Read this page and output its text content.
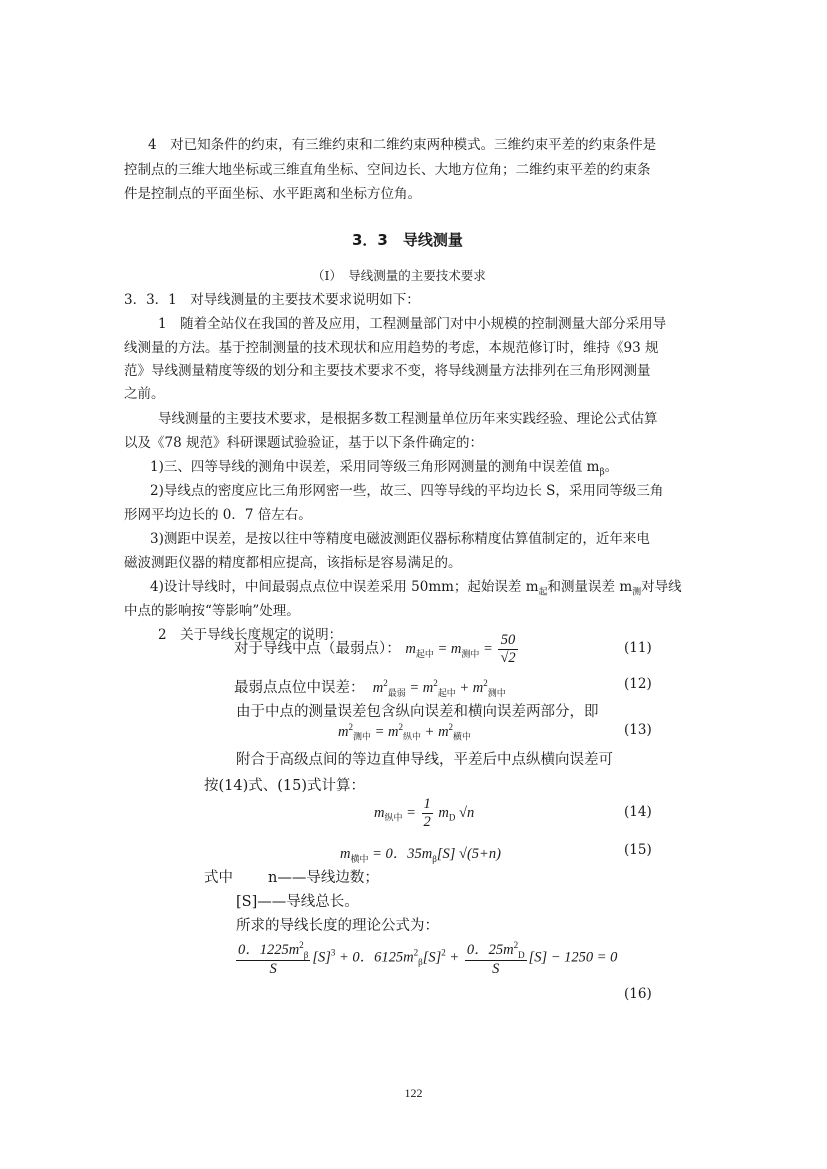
4　对已知条件的约束，有三维约束和二维约束两种模式。三维约束平差的约束条件是
控制点的三维大地坐标或三维直角坐标、空间边长、大地方位角；二维约束平差的约束条
件是控制点的平面坐标、水平距离和坐标方位角。
3．3　导线测量
（Ⅰ）　导线测量的主要技术要求
3．3．1　对导线测量的主要技术要求说明如下：
1　随着全站仪在我国的普及应用，工程测量部门对中小规模的控制测量大部分采用导
线测量的方法。基于控制测量的技术现状和应用趋势的考虑，本规范修订时，维持《93 规
范》导线测量精度等级的划分和主要技术要求不变，将导线测量方法排列在三角形网测量
之前。
导线测量的主要技术要求，是根据多数工程测量单位历年来实践经验、理论公式估算
以及《78 规范》科研课题试验验证，基于以下条件确定的：
1)三、四等导线的测角中误差，采用同等级三角形网测量的测角中误差值 $m_\beta$。
2)导线点的密度应比三角形网密一些，故三、四等导线的平均边长 S，采用同等级三角
形网平均边长的 0．7 倍左右。
3)测距中误差，是按以往中等精度电磁波测距仪器标称精度估算值制定的，近年来电
磁波测距仪器的精度都相应提高，该指标是容易满足的。
4)设计导线时，中间最弱点点位中误差采用 50mm；起始误差 $m_起$和测量误差 $m_测$对导线
中点的影响按“等影响”处理。
2　关于导线长度规定的说明：
对于导线中点（最弱点）： $m_{起中} = m_{测中} = \frac{50}{√2}$	(11)
最弱点点位中误差：  $m^2_{最弱} = m^2_{起中} + m^2_{测中}$
(12)
由于中点的测量误差包含纵向误差和横向误差两部分，即
$m^2_{测中} = m^2_{纵中} + m^2_{横中}$	(13)
附合于高级点间的等边直伸导线，平差后中点纵横向误差可
按(14)式、(15)式计算：
$m_{纵中} = \frac{1}{2} m_D$ √n	(14)
$m_{横中} = 0$．$35m_\beta[S]$ √(5+n)	(15)
式中 n——导线边数；
[S]——导线总长。
所求的导线长度的理论公式为：
$\frac{0.1225m^2_\beta}{S} [S]^3 + 0$．$6125m^2_\beta[S]^2 + \frac{0.25m^2_D}{S} [S] - 1250 = 0$
(16)
122
